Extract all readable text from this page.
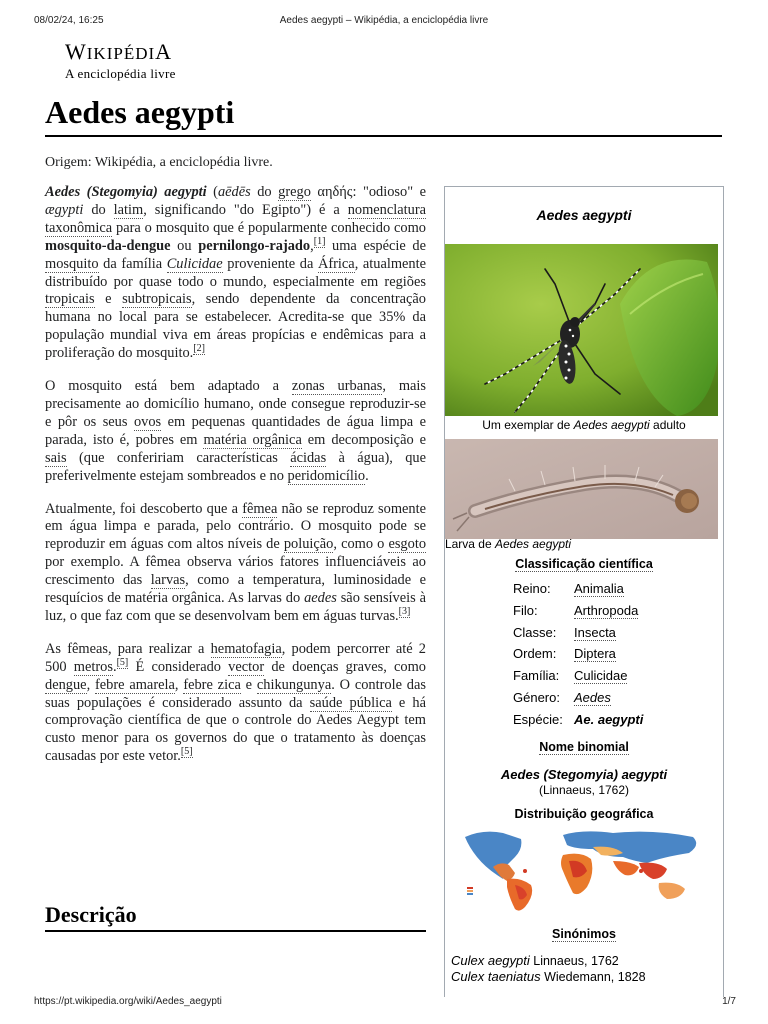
08/02/24, 16:25	Aedes aegypti – Wikipédia, a enciclopédia livre
WIKIPÉDIA
A enciclopédia livre
Aedes aegypti
Origem: Wikipédia, a enciclopédia livre.

Aedes (Stegomyia) aegypti (aēdēs do grego αηδής: "odioso" e ægypti do latim, significando "do Egipto") é a nomenclatura taxonômica para o mosquito que é popularmente conhecido como mosquito-da-dengue ou pernilongo-rajado,[1] uma espécie de mosquito da família Culicidae proveniente da África, atualmente distribuído por quase todo o mundo, especialmente em regiões tropicais e subtropicais, sendo dependente da concentração humana no local para se estabelecer. Acredita-se que 35% da população mundial viva em áreas propícias e endêmicas para a proliferação do mosquito.[2]

O mosquito está bem adaptado a zonas urbanas, mais precisamente ao domicílio humano, onde consegue reproduzir-se e pôr os seus ovos em pequenas quantidades de água limpa e parada, isto é, pobres em matéria orgânica em decomposição e sais (que confeririam características ácidas à água), que preferivelmente estejam sombreados e no peridomicílio.

Atualmente, foi descoberto que a fêmea não se reproduz somente em água limpa e parada, pelo contrário. O mosquito pode se reproduzir em águas com altos níveis de poluição, como o esgoto por exemplo. A fêmea observa vários fatores influenciáveis ao crescimento das larvas, como a temperatura, luminosidade e resquícios de matéria orgânica. As larvas do aedes são sensíveis à luz, o que faz com que se desenvolvam bem em águas turvas.[3]

As fêmeas, para realizar a hematofagia, podem percorrer até 2 500 metros.[5] É considerado vector de doenças graves, como dengue, febre amarela, febre zica e chikungunya. O controle das suas populações é considerado assunto da saúde pública e há comprovação científica de que o controle do Aedes Aegypt tem custo menor para os governos do que o tratamento às doenças causadas por este vetor.[5]

Descrição
Aedes aegypti
Um exemplar de Aedes aegypti adulto
Larva de Aedes aegypti
Classificação científica
Reino:	Animalia
Filo:	Arthropoda
Classe:	Insecta
Ordem:	Diptera
Família:	Culicidae
Género:	Aedes
Espécie: Ae. aegypti
Nome binomial
Aedes (Stegomyia) aegypti
(Linnaeus, 1762)
Distribuição geográfica
Sinónimos
Culex aegypti Linnaeus, 1762
Culex taeniatus Wiedemann, 1828
https://pt.wikipedia.org/wiki/Aedes_aegypti	1/7
